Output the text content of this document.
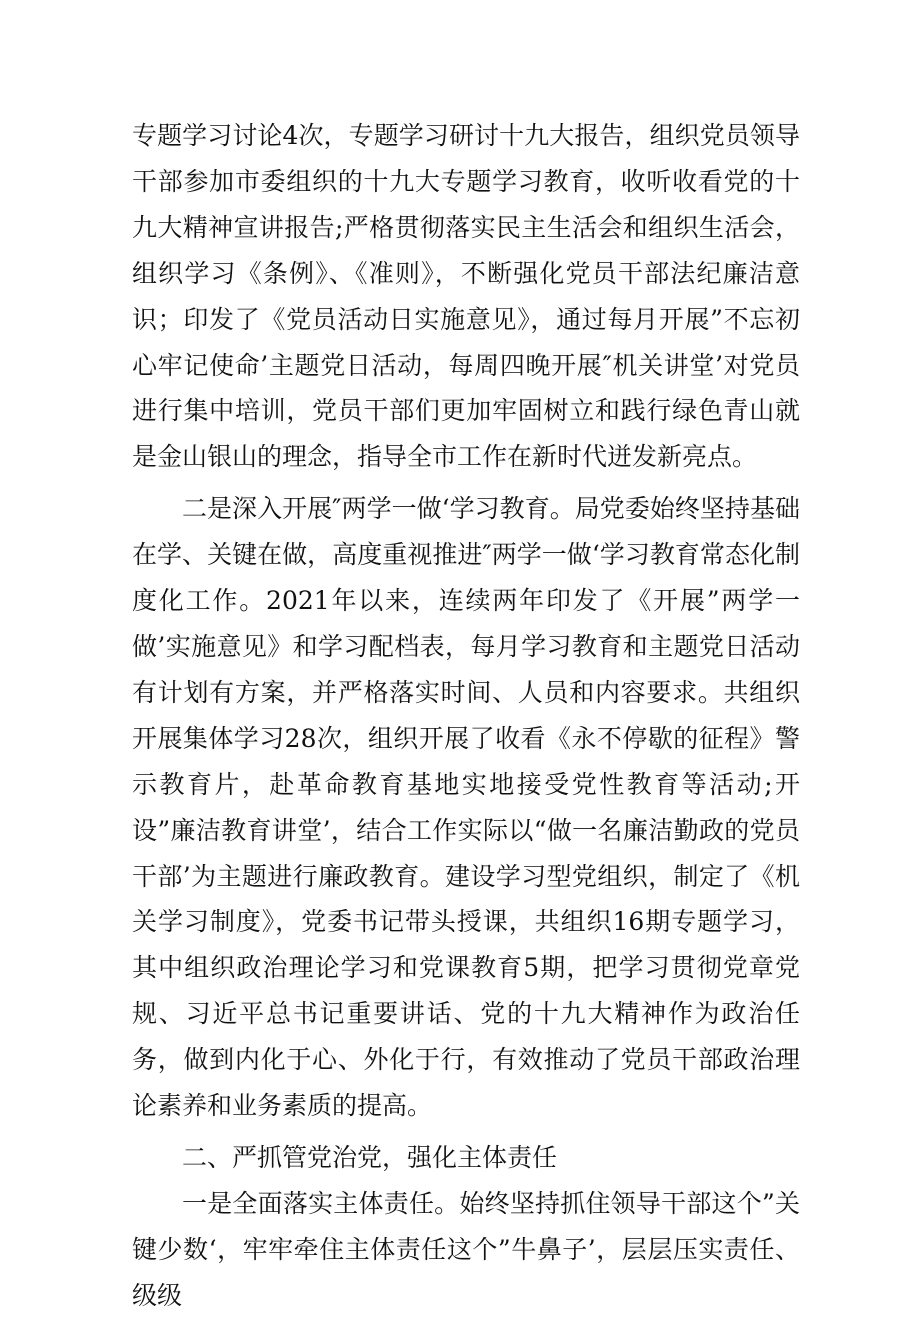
专题学习讨论4次，专题学习研讨十九大报告，组织党员领导干部参加市委组织的十九大专题学习教育，收听收看党的十九大精神宣讲报告;严格贯彻落实民主生活会和组织生活会，组织学习《条例》、《准则》，不断强化党员干部法纪廉洁意识；印发了《党员活动日实施意见》，通过每月开展”不忘初心牢记使命’主题党日活动，每周四晚开展″机关讲堂’对党员进行集中培训，党员干部们更加牢固树立和践行绿色青山就是金山银山的理念，指导全市工作在新时代迸发新亮点。

二是深入开展″两学一做‘学习教育。局党委始终坚持基础在学、关键在做，高度重视推进″两学一做‘学习教育常态化制度化工作。2021年以来，连续两年印发了《开展”两学一做’实施意见》和学习配档表，每月学习教育和主题党日活动有计划有方案，并严格落实时间、人员和内容要求。共组织开展集体学习28次，组织开展了收看《永不停歇的征程》警示教育片，赴革命教育基地实地接受党性教育等活动;开设”廉洁教育讲堂’，结合工作实际以“做一名廉洁勤政的党员干部’为主题进行廉政教育。建设学习型党组织，制定了《机关学习制度》，党委书记带头授课，共组织16期专题学习，其中组织政治理论学习和党课教育5期，把学习贯彻党章党规、习近平总书记重要讲话、党的十九大精神作为政治任务，做到内化于心、外化于行，有效推动了党员干部政治理论素养和业务素质的提高。

二、严抓管党治党，强化主体责任

一是全面落实主体责任。始终坚持抓住领导干部这个”关键少数‘，牢牢牵住主体责任这个”牛鼻子’，层层压实责任、级级
